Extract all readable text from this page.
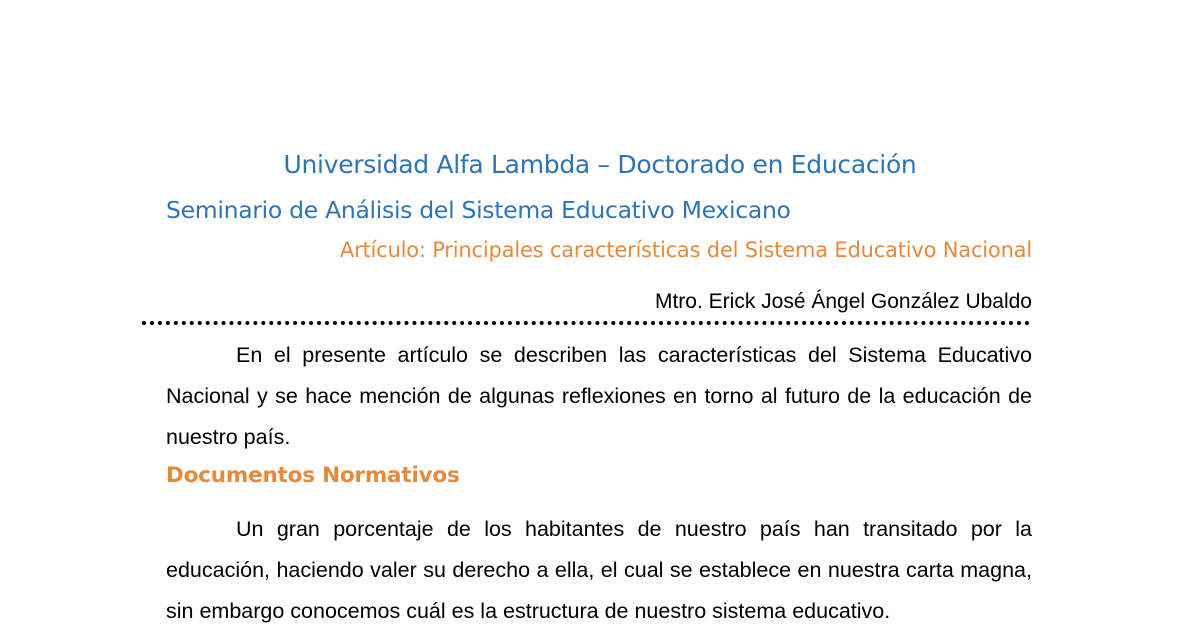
Universidad Alfa Lambda – Doctorado en Educación
Seminario de Análisis del Sistema Educativo Mexicano
Artículo: Principales características del Sistema Educativo Nacional
Mtro. Erick José Ángel González Ubaldo

En el presente artículo se describen las características del Sistema Educativo Nacional y se hace mención de algunas reflexiones en torno al futuro de la educación de nuestro país.

Documentos Normativos

Un gran porcentaje de los habitantes de nuestro país han transitado por la educación, haciendo valer su derecho a ella, el cual se establece en nuestra carta magna, sin embargo conocemos cuál es la estructura de nuestro sistema educativo.
